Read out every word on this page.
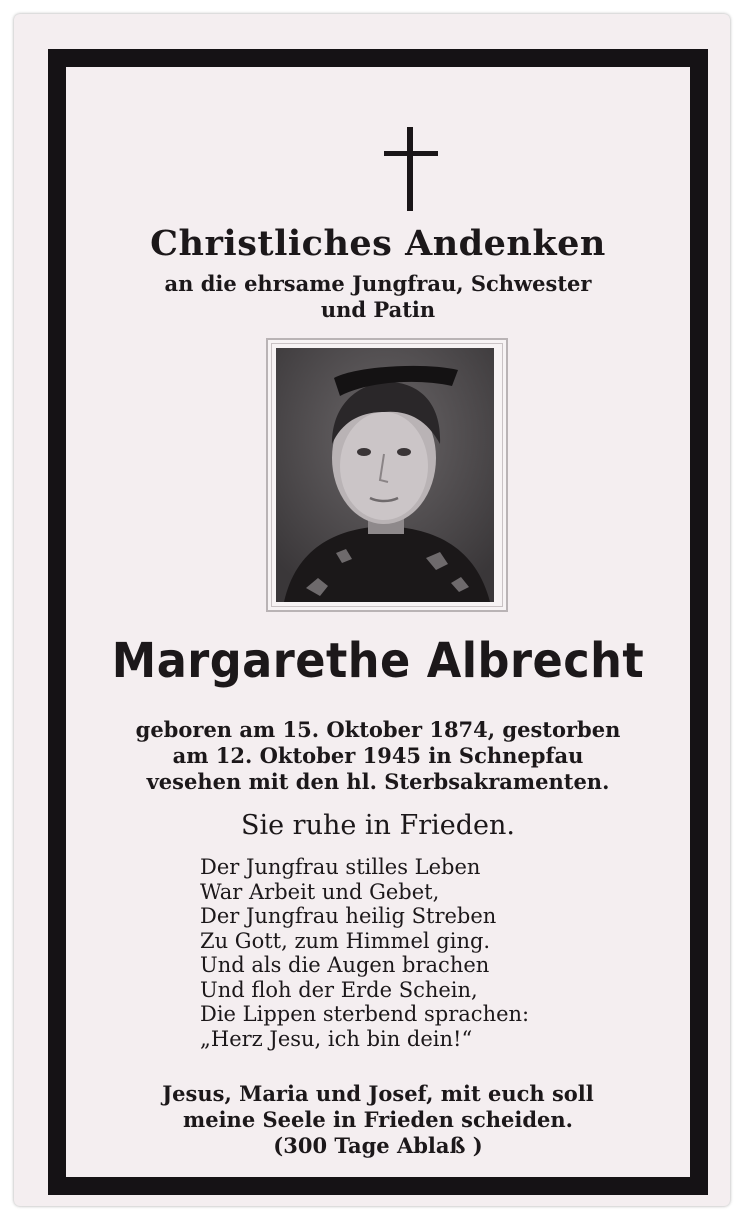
Christliches Andenken
an die ehrsame Jungfrau, Schwester
und Patin
Margarethe Albrecht
geboren am 15. Oktober 1874, gestorben
am 12. Oktober 1945 in Schnepfau
vesehen mit den hl. Sterbsakramenten.
Sie ruhe in Frieden.
Der Jungfrau stilles Leben
War Arbeit und Gebet,
Der Jungfrau heilig Streben
Zu Gott, zum Himmel ging.
Und als die Augen brachen
Und floh der Erde Schein,
Die Lippen sterbend sprachen:
„Herz Jesu, ich bin dein!“
Jesus, Maria und Josef, mit euch soll
meine Seele in Frieden scheiden.
(300 Tage Ablaß )
